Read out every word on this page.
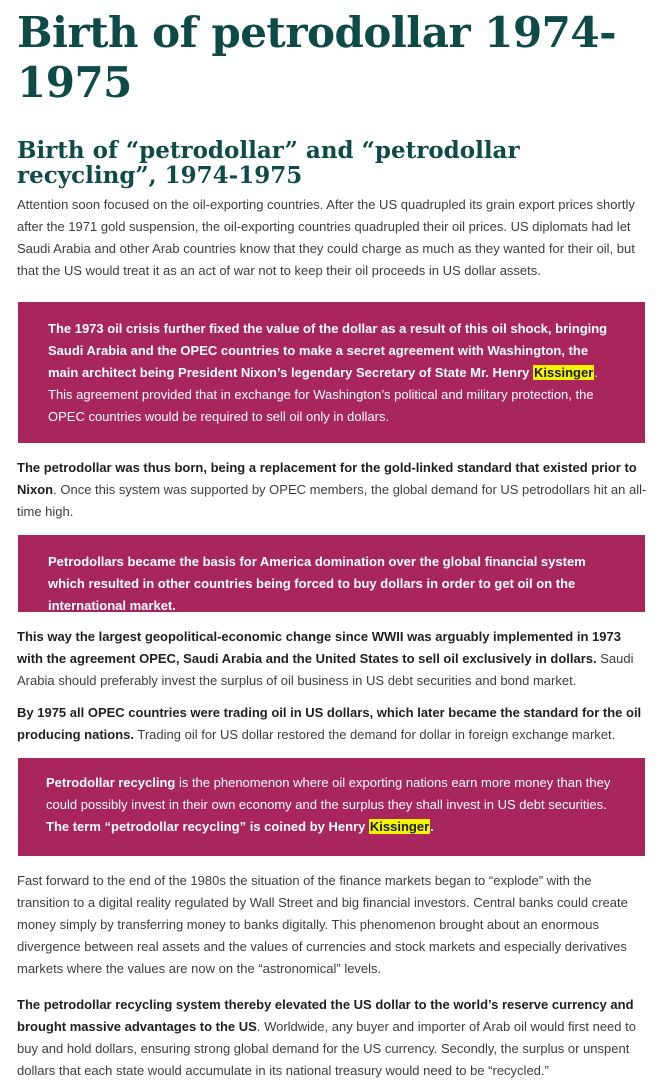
Birth of petrodollar 1974-1975
Birth of “petrodollar” and “petrodollar recycling”, 1974-1975

Attention soon focused on the oil-exporting countries. After the US quadrupled its grain export prices shortly after the 1971 gold suspension, the oil-exporting countries quadrupled their oil prices. US diplomats had let Saudi Arabia and other Arab countries know that they could charge as much as they wanted for their oil, but that the US would treat it as an act of war not to keep their oil proceeds in US dollar assets.

The 1973 oil crisis further fixed the value of the dollar as a result of this oil shock, bringing Saudi Arabia and the OPEC countries to make a secret agreement with Washington, the main architect being President Nixon’s legendary Secretary of State Mr. Henry Kissinger. This agreement provided that in exchange for Washington’s political and military protection, the OPEC countries would be required to sell oil only in dollars.

The petrodollar was thus born, being a replacement for the gold-linked standard that existed prior to Nixon. Once this system was supported by OPEC members, the global demand for US petrodollars hit an all-time high.

Petrodollars became the basis for America domination over the global financial system which resulted in other countries being forced to buy dollars in order to get oil on the international market.

This way the largest geopolitical-economic change since WWII was arguably implemented in 1973 with the agreement OPEC, Saudi Arabia and the United States to sell oil exclusively in dollars. Saudi Arabia should preferably invest the surplus of oil business in US debt securities and bond market.

By 1975 all OPEC countries were trading oil in US dollars, which later became the standard for the oil producing nations. Trading oil for US dollar restored the demand for dollar in foreign exchange market.

Petrodollar recycling is the phenomenon where oil exporting nations earn more money than they could possibly invest in their own economy and the surplus they shall invest in US debt securities. The term “petrodollar recycling” is coined by Henry Kissinger.

Fast forward to the end of the 1980s the situation of the finance markets began to “explode” with the transition to a digital reality regulated by Wall Street and big financial investors. Central banks could create money simply by transferring money to banks digitally. This phenomenon brought about an enormous divergence between real assets and the values of currencies and stock markets and especially derivatives markets where the values are now on the “astronomical” levels.

The petrodollar recycling system thereby elevated the US dollar to the world’s reserve currency and brought massive advantages to the US. Worldwide, any buyer and importer of Arab oil would first need to buy and hold dollars, ensuring strong global demand for the US currency. Secondly, the surplus or unspent dollars that each state would accumulate in its national treasury would need to be “recycled.”
